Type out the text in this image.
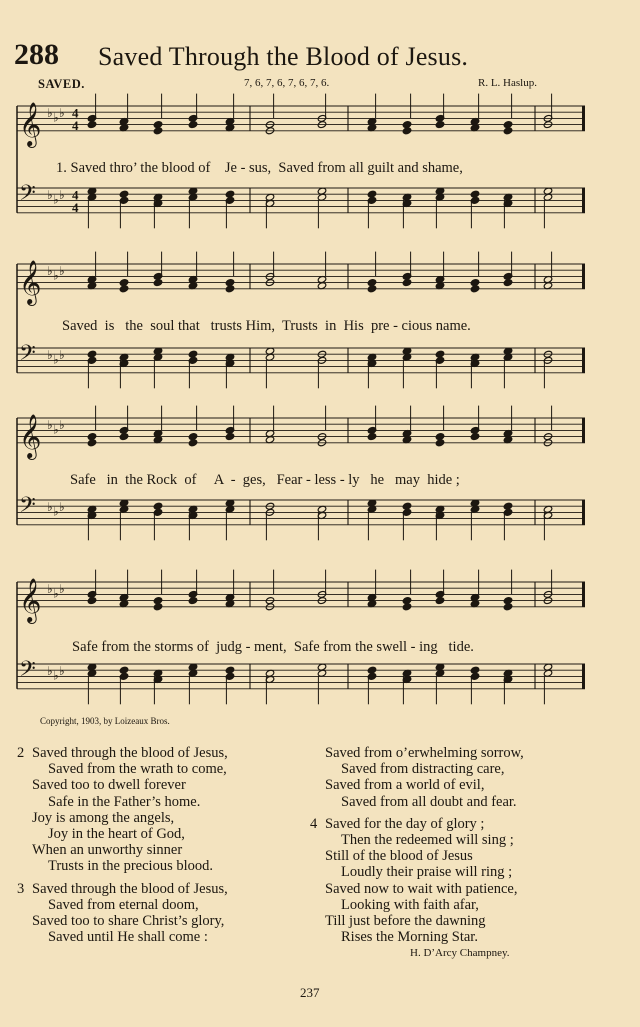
𝄞 ♭ ♭ ♭ 4
4
𝄢 ♭ ♭ ♭ 4
4
𝄞 ♭ ♭ ♭
𝄢 ♭ ♭ ♭
𝄞 ♭ ♭ ♭
𝄢 ♭ ♭ ♭
𝄞 ♭ ♭ ♭
𝄢 ♭ ♭ ♭
288 Saved Through the Blood of Jesus.
SAVED.	7, 6, 7, 6, 7, 6, 7, 6.	R. L. Haslup.
1. Saved thro’ the blood of    Je - sus,  Saved from all guilt and shame,
Saved  is   the  soul that   trusts Him,  Trusts  in  His  pre - cious name.
Safe   in  the Rock  of     A  -  ges,   Fear - less - ly   he   may  hide ;
Safe from the storms of  judg - ment,  Safe from the swell - ing   tide.
Copyright, 1903, by Loizeaux Bros.
2 Saved through the blood of Jesus,
Saved from the wrath to come,
Saved too to dwell forever
Safe in the Father’s home.
Joy is among the angels,
Joy in the heart of God,
When an unworthy sinner
Trusts in the precious blood.
3 Saved through the blood of Jesus,
Saved from eternal doom,
Saved too to share Christ’s glory,
Saved until He shall come :
Saved from o’erwhelming sorrow,
Saved from distracting care,
Saved from a world of evil,
Saved from all doubt and fear.
4 Saved for the day of glory ;
Then the redeemed will sing ;
Still of the blood of Jesus
Loudly their praise will ring ;
Saved now to wait with patience,
Looking with faith afar,
Till just before the dawning
Rises the Morning Star.
H. D’Arcy Champney.
237
